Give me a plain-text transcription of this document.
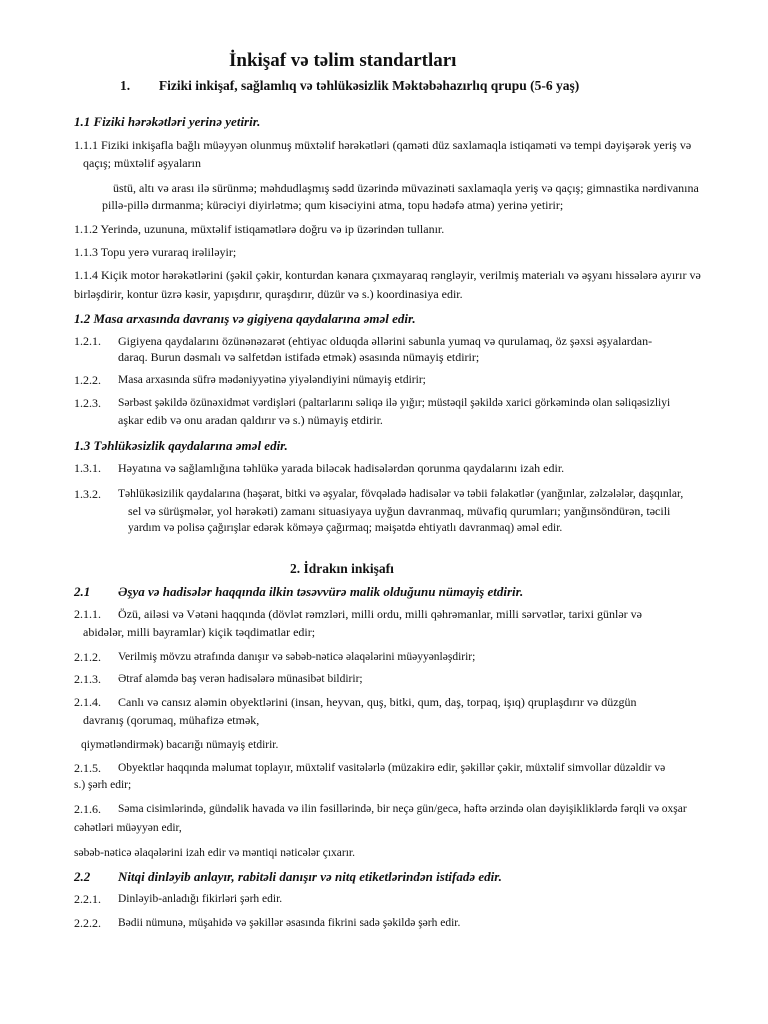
İnkişaf və təlim standartları
1. Fiziki inkişaf, sağlamlıq və təhlükəsizlik Məktəbəhazırlıq qrupu (5-6 yaş)
1.1 Fiziki hərəkətləri yerinə yetirir.
1.1.1 Fiziki inkişafla bağlı müəyyən olunmuş müxtəlif hərəkətləri (qaməti düz saxlamaqla istiqaməti və tempi dəyişərək yeriş və
qaçış; müxtəlif əşyaların
üstü, altı və arası ilə sürünmə; məhdudlaşmış sədd üzərində müvazinəti saxlamaqla yeriş və qaçış; gimnastika nərdivanına
pillə-pillə dırmanma; kürəciyi diyirlətmə; qum kisəciyini atma, topu hədəfə atma) yerinə yetirir;
1.1.2 Yerində, uzununa, müxtəlif istiqamətlərə doğru və ip üzərindən tullanır.
1.1.3 Topu yerə vuraraq irəliləyir;
1.1.4 Kiçik motor hərəkətlərini (şəkil çəkir, konturdan kənara çıxmayaraq rəngləyir, verilmiş materialı və əşyanı hissələrə ayırır və
birləşdirir, kontur üzrə kəsir, yapışdırır, quraşdırır, düzür və s.) koordinasiya edir.
1.2 Masa arxasında davranış və gigiyena qaydalarına əməl edir.
1.2.1. Gigiyena qaydalarını özünənəzarət (ehtiyac olduqda əllərini sabunla yumaq və qurulamaq, öz şəxsi əşyalardan-
daraq. Burun dəsmalı və salfetdən istifadə etmək) əsasında nümayiş etdirir;
1.2.2. Masa arxasında süfrə mədəniyyətinə yiyələndiyini nümayiş etdirir;
1.2.3. Sərbəst şəkildə özünəxidmət vərdişləri (paltarlarını səliqə ilə yığır; müstəqil şəkildə xarici görkəmində olan səliqəsizliyi
aşkar edib və onu aradan qaldırır və s.) nümayiş etdirir.
1.3 Təhlükəsizlik qaydalarına əməl edir.
1.3.1. Həyatına və sağlamlığına təhlükə yarada biləcək hadisələrdən qorunma qaydalarını izah edir.
1.3.2. Təhlükəsizilik qaydalarına (həşərat, bitki və əşyalar, fövqəladə hadisələr və təbii fəlakətlər (yanğınlar, zəlzələlər, daşqınlar,
sel və sürüşmələr, yol hərəkəti) zamanı situasiyaya uyğun davranmaq, müvafiq qurumları; yanğınsöndürən, təcili
yardım və polisə çağırışlar edərək köməyə çağırmaq; məişətdə ehtiyatlı davranmaq) əməl edir.
2. İdrakın inkişafı
2.1 Əşya və hadisələr haqqında ilkin təsəvvürə malik olduğunu nümayiş etdirir.
2.1.1. Özü, ailəsi və Vətəni haqqında (dövlət rəmzləri, milli ordu, milli qəhrəmanlar, milli sərvətlər, tarixi günlər və
abidələr, milli bayramlar) kiçik təqdimatlar edir;
2.1.2. Verilmiş mövzu ətrafında danışır və səbəb-nəticə əlaqələrini müəyyənləşdirir;
2.1.3. Ətraf aləmdə baş verən hadisələrə münasibət bildirir;
2.1.4. Canlı və cansız aləmin obyektlərini (insan, heyvan, quş, bitki, qum, daş, torpaq, işıq) qruplaşdırır və düzgün
davranış (qorumaq, mühafizə etmək,
qiymətləndirmək) bacarığı nümayiş etdirir.
2.1.5. Obyektlər haqqında məlumat toplayır, müxtəlif vasitələrlə (müzakirə edir, şəkillər çəkir, müxtəlif simvollar düzəldir və
s.) şərh edir;
2.1.6. Səma cisimlərində, gündəlik havada və ilin fəsillərində, bir neçə gün/gecə, həftə ərzində olan dəyişikliklərdə fərqli və oxşar
cəhətləri müəyyən edir,
səbəb-nəticə əlaqələrini izah edir və məntiqi nəticələr çıxarır.
2.2 Nitqi dinləyib anlayır, rabitəli danışır və nitq etiketlərindən istifadə edir.
2.2.1. Dinləyib-anladığı fikirləri şərh edir.
2.2.2. Bədii nümunə, müşahidə və şəkillər əsasında fikrini sadə şəkildə şərh edir.
